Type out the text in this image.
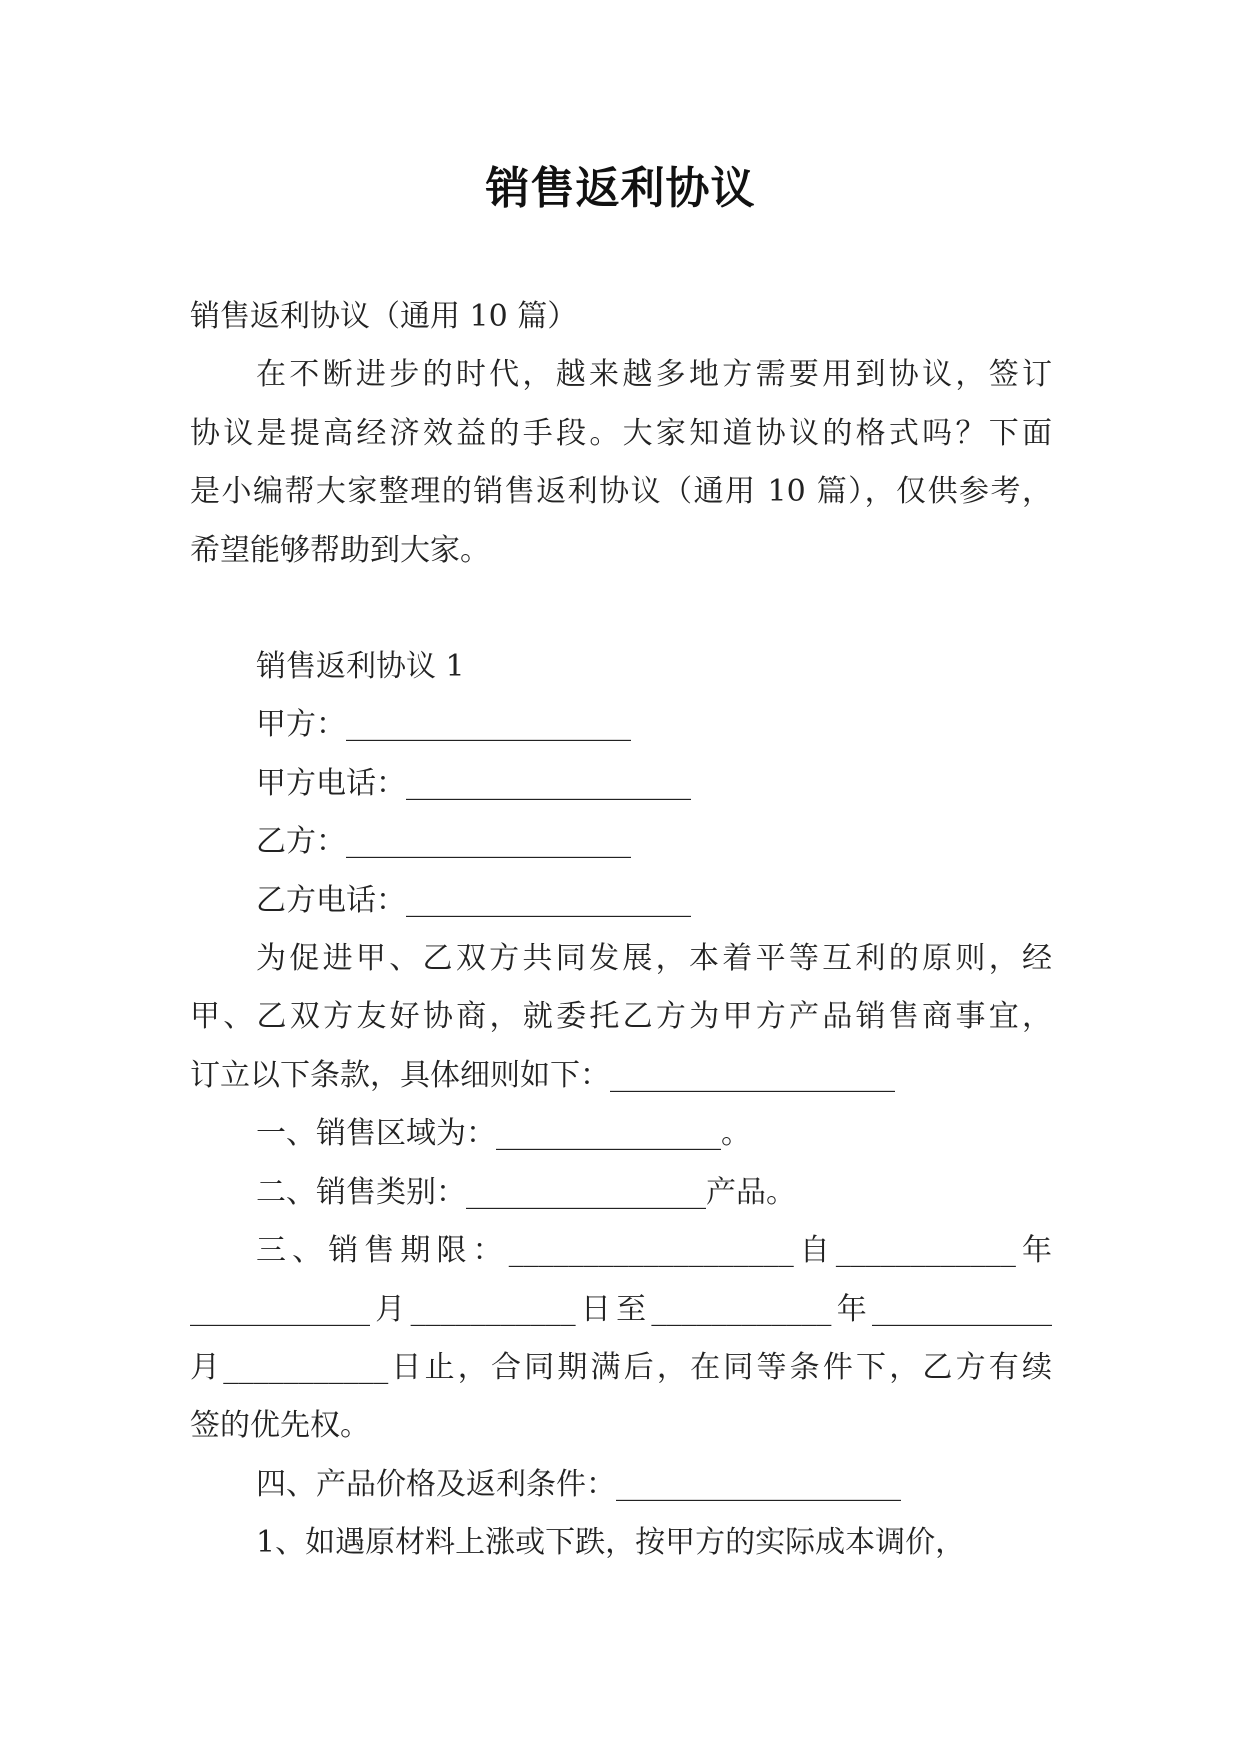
销售返利协议

销售返利协议（通用 10 篇）

在不断进步的时代，越来越多地方需要用到协议，签订

协议是提高经济效益的手段。大家知道协议的格式吗？下面

是小编帮大家整理的销售返利协议（通用 10 篇），仅供参考，

希望能够帮助到大家。

销售返利协议 1

甲方：___________________

甲方电话：___________________

乙方：___________________

乙方电话：___________________

为促进甲、乙双方共同发展，本着平等互利的原则，经

甲、乙双方友好协商，就委托乙方为甲方产品销售商事宜，

订立以下条款，具体细则如下：___________________

一、销售区域为：_______________。

二、销售类别：________________产品。

三、销售期限：___________________自____________年

____________月___________日至____________年____________

月___________日止，合同期满后，在同等条件下，乙方有续

签的优先权。

四、产品价格及返利条件：___________________

1、如遇原材料上涨或下跌，按甲方的实际成本调价，
